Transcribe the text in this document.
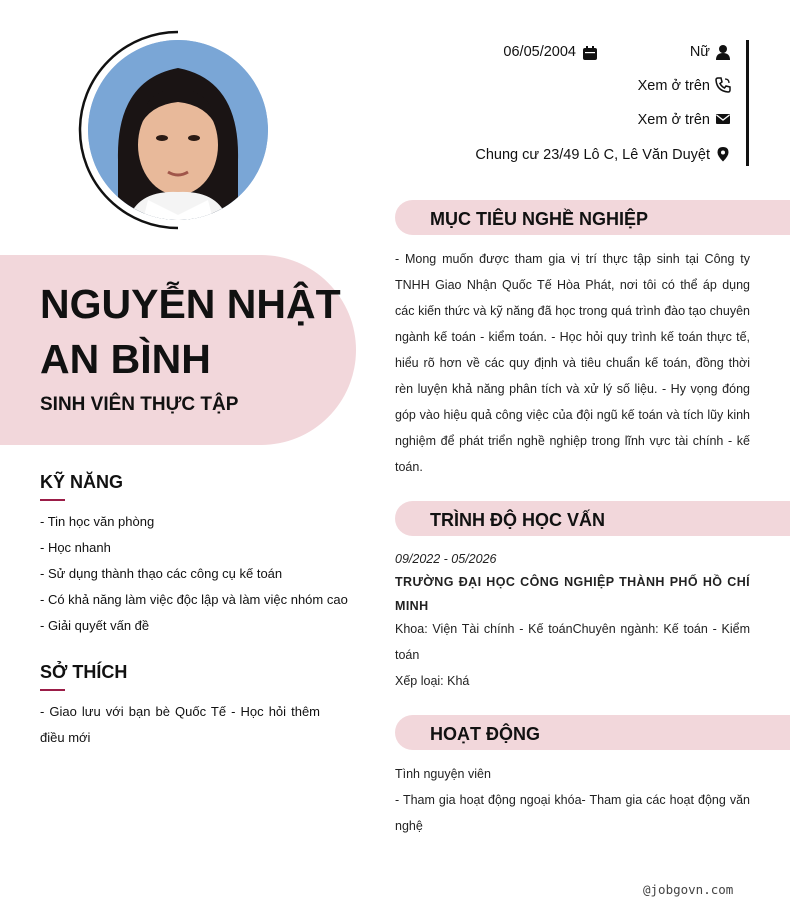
NGUYỄN NHẬT AN BÌNH
SINH VIÊN THỰC TẬP
06/05/2004	Nữ
Xem ở trên
Xem ở trên
Chung cư 23/49 Lô C, Lê Văn Duyệt
KỸ NĂNG
- Tin học văn phòng
- Học nhanh
- Sử dụng thành thạo các công cụ kế toán
- Có khả năng làm việc độc lập và làm việc nhóm cao
- Giải quyết vấn đề
SỞ THÍCH
- Giao lưu với bạn bè Quốc Tế - Học hỏi thêm điều mới
MỤC TIÊU NGHỀ NGHIỆP
- Mong muốn được tham gia vị trí thực tập sinh tại Công ty TNHH Giao Nhận Quốc Tế Hòa Phát, nơi tôi có thể áp dụng các kiến thức và kỹ năng đã học trong quá trình đào tạo chuyên ngành kế toán - kiểm toán. - Học hỏi quy trình kế toán thực tế, hiểu rõ hơn về các quy định và tiêu chuẩn kế toán, đồng thời rèn luyện khả năng phân tích và xử lý số liệu. - Hy vọng đóng góp vào hiệu quả công việc của đội ngũ kế toán và tích lũy kinh nghiệm để phát triển nghề nghiệp trong lĩnh vực tài chính - kế toán.
TRÌNH ĐỘ HỌC VẤN
09/2022 - 05/2026
TRƯỜNG ĐẠI HỌC CÔNG NGHIỆP THÀNH PHỐ HỒ CHÍ MINH
Khoa: Viện Tài chính - Kế toánChuyên ngành: Kế toán - Kiểm toán
Xếp loại: Khá
HOẠT ĐỘNG
Tình nguyện viên
- Tham gia hoạt động ngoại khóa- Tham gia các hoạt động văn nghệ
@jobgovn.com
